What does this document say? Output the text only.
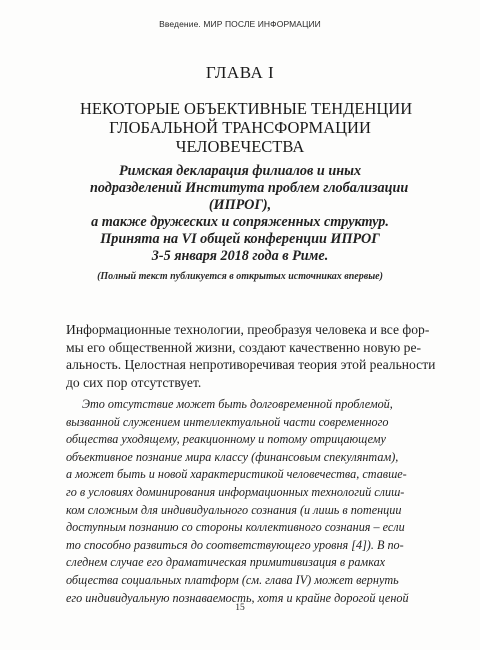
Введение. МИР ПОСЛЕ ИНФОРМАЦИИ
ГЛАВА I
НЕКОТОРЫЕ ОБЪЕКТИВНЫЕ ТЕНДЕНЦИИ
ГЛОБАЛЬНОЙ ТРАНСФОРМАЦИИ
ЧЕЛОВЕЧЕСТВА
Римская декларация филиалов и иных
подразделений Института проблем глобализации
(ИПРОГ),
а также дружеских и сопряженных структур.
Принята на VI общей конференции ИПРОГ
3-5 января 2018 года в Риме.
(Полный текст публикуется в открытых источниках впервые)
Информационные технологии, преобразуя человека и все фор-
мы его общественной жизни, создают качественно новую ре-
альность. Целостная непротиворечивая теория этой реальности
до сих пор отсутствует.
Это отсутствие может быть долговременной проблемой,
вызванной служением интеллектуальной части современного
общества уходящему, реакционному и потому отрицающему
объективное познание мира классу (финансовым спекулянтам),
а может быть и новой характеристикой человечества, ставше-
го в условиях доминирования информационных технологий слиш-
ком сложным для индивидуального сознания (и лишь в потенции
доступным познанию со стороны коллективного сознания – если
то способно развиться до соответствующего уровня [4]). В по-
следнем случае его драматическая примитивизация в рамках
общества социальных платформ (см. глава IV) может вернуть
его индивидуальную познаваемость, хотя и крайне дорогой ценой
15
